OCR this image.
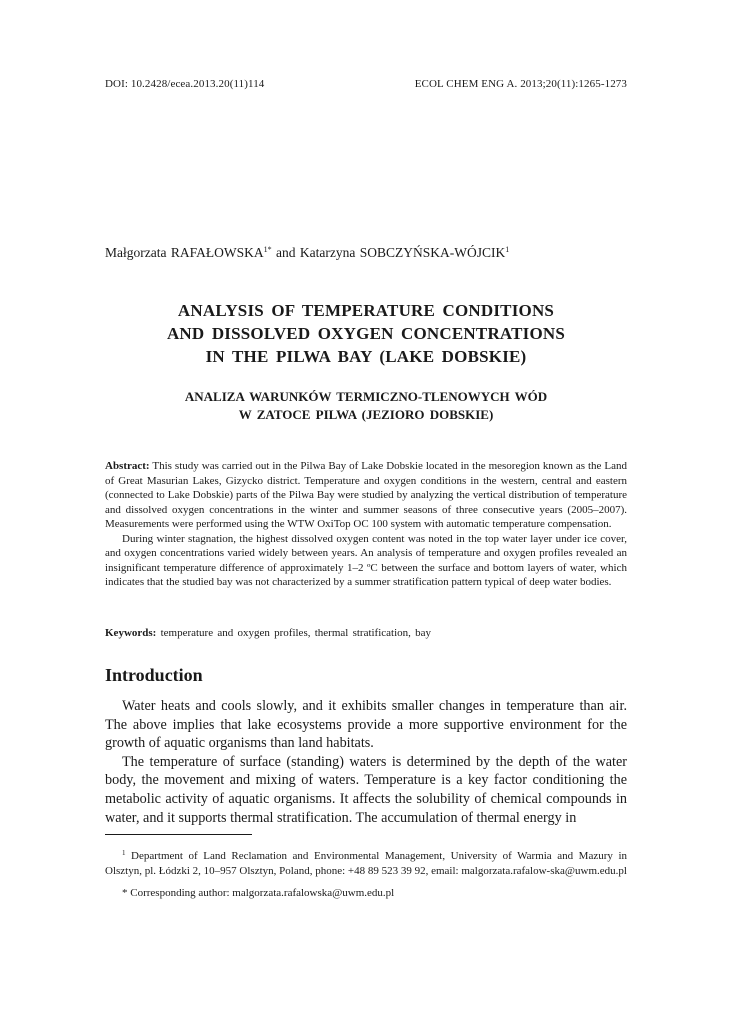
DOI: 10.2428/ecea.2013.20(11)114	ECOL CHEM ENG A. 2013;20(11):1265-1273
Małgorzata $RAFAŁOWSKA^{1*}$ and Katarzyna SOBCZYŃSKA-WÓJCIK$^1$
ANALYSIS OF TEMPERATURE CONDITIONS
AND DISSOLVED OXYGEN CONCENTRATIONS
IN THE PILWA BAY (LAKE DOBSKIE)
ANALIZA WARUNKÓW TERMICZNO-TLENOWYCH WÓD
W ZATOCE PILWA (JEZIORO DOBSKIE)

Abstract: This study was carried out in the Pilwa Bay of Lake Dobskie located in the mesoregion known as the Land of Great Masurian Lakes, Gizycko district. Temperature and oxygen conditions in the western, central and eastern (connected to Lake Dobskie) parts of the Pilwa Bay were studied by analyzing the vertical distribution of temperature and dissolved oxygen concentrations in the winter and summer seasons of three consecutive years (2005–2007). Measurements were performed using the WTW OxiTop OC 100 system with automatic temperature compensation.

During winter stagnation, the highest dissolved oxygen content was noted in the top water layer under ice cover, and oxygen concentrations varied widely between years. An analysis of temperature and oxygen profiles revealed an insignificant temperature difference of approximately 1–2 ºC between the surface and bottom layers of water, which indicates that the studied bay was not characterized by a summer stratification pattern typical of deep water bodies.

Keywords: temperature and oxygen profiles, thermal stratification, bay
Introduction

Water heats and cools slowly, and it exhibits smaller changes in temperature than air. The above implies that lake ecosystems provide a more supportive environment for the growth of aquatic organisms than land habitats.

The temperature of surface (standing) waters is determined by the depth of the water body, the movement and mixing of waters. Temperature is a key factor conditioning the metabolic activity of aquatic organisms. It affects the solubility of chemical compounds in water, and it supports thermal stratification. The accumulation of thermal energy in

$^1$ Department of Land Reclamation and Environmental Management, University of Warmia and Mazury in Olsztyn, pl. Łódzki 2, 10–957 Olsztyn, Poland, phone: +48 89 523 39 92, email: malgorzata.rafalow-ska@uwm.edu.pl

* Corresponding author: malgorzata.rafalowska@uwm.edu.pl
